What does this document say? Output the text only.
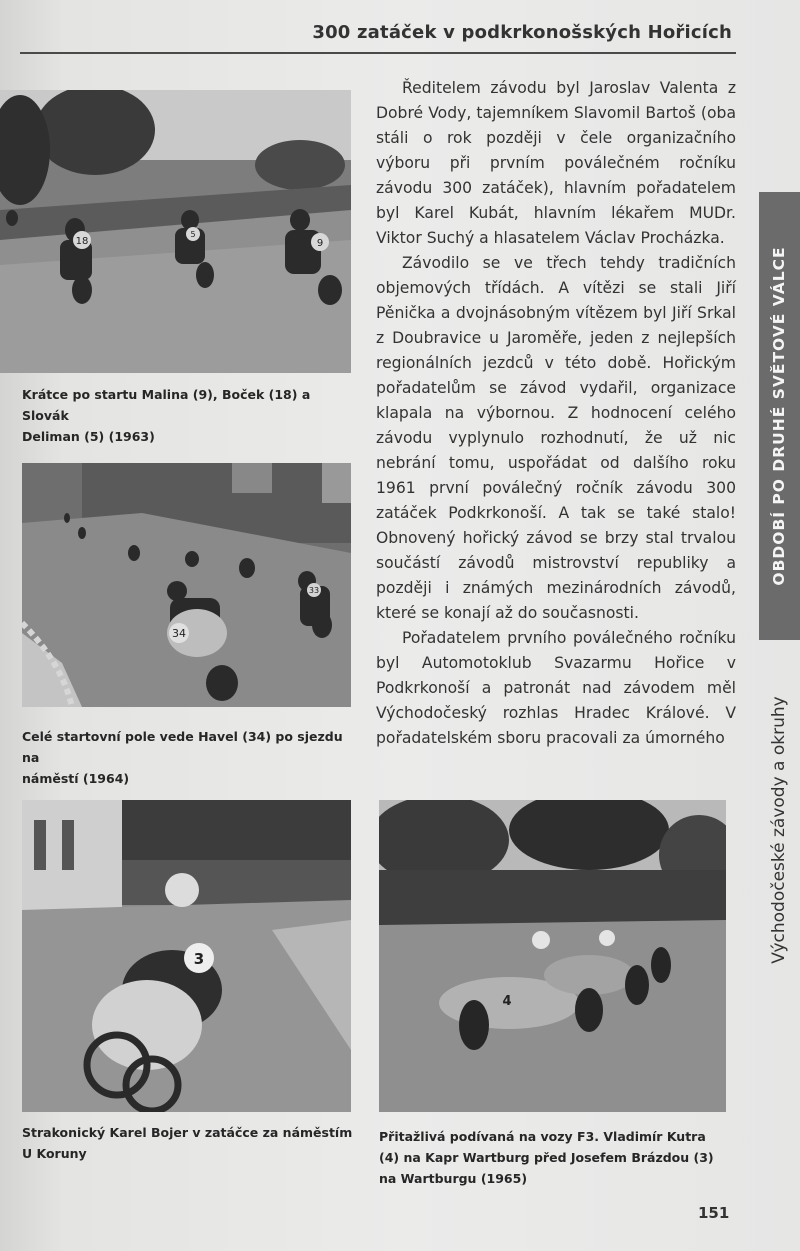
300 zatáček v podkrkonošských Hořicích
18
5
9
Krátce po startu Malina (9), Boček (18) a Slovák
Deliman (5) (1963)
34
33
Celé startovní pole vede Havel (34) po sjezdu na
náměstí (1964)
3
Strakonický Karel Bojer v zatáčce za náměstím
U Koruny
4
Přitažlivá podívaná na vozy F3. Vladimír Kutra
(4) na Kapr Wartburg před Josefem Brázdou (3)
na Wartburgu (1965)

Ředitelem závodu byl Jaroslav Valenta z Dobré Vody, tajemníkem Slavomil Bartoš (oba stáli o rok později v čele organizačního výboru při prvním poválečném ročníku závodu 300 zatáček), hlavním pořadatelem byl Karel Kubát, hlavním lékařem MUDr. Viktor Suchý a hlasatelem Václav Procházka.

Závodilo se ve třech tehdy tradičních objemových třídách. A vítězi se stali Jiří Pěnička a dvojnásobným vítězem byl Jiří Srkal z Doubravice u Jaroměře, jeden z nejlepších regionálních jezdců v této době. Hořickým pořadatelům se závod vydařil, organizace klapala na výbornou. Z hodnocení celého závodu vyplynulo rozhodnutí, že už nic nebrání tomu, uspořádat od dalšího roku 1961 první poválečný ročník závodu 300 zatáček Podkrkonoší. A tak se také stalo! Obnovený hořický závod se brzy stal trvalou součástí závodů mistrovství republiky a později i známých mezinárodních závodů, které se konají až do současnosti.

Pořadatelem prvního poválečného ročníku byl Automotoklub Svazarmu Hořice v Podkrkonoší a patronát nad závodem měl Východočeský rozhlas Hradec Králové. V pořadatelském sboru pracovali za úmorného

OBDOBÍ PO DRUHÉ SVĚTOVÉ VÁLCE
Východočeské závody a okruhy
151
